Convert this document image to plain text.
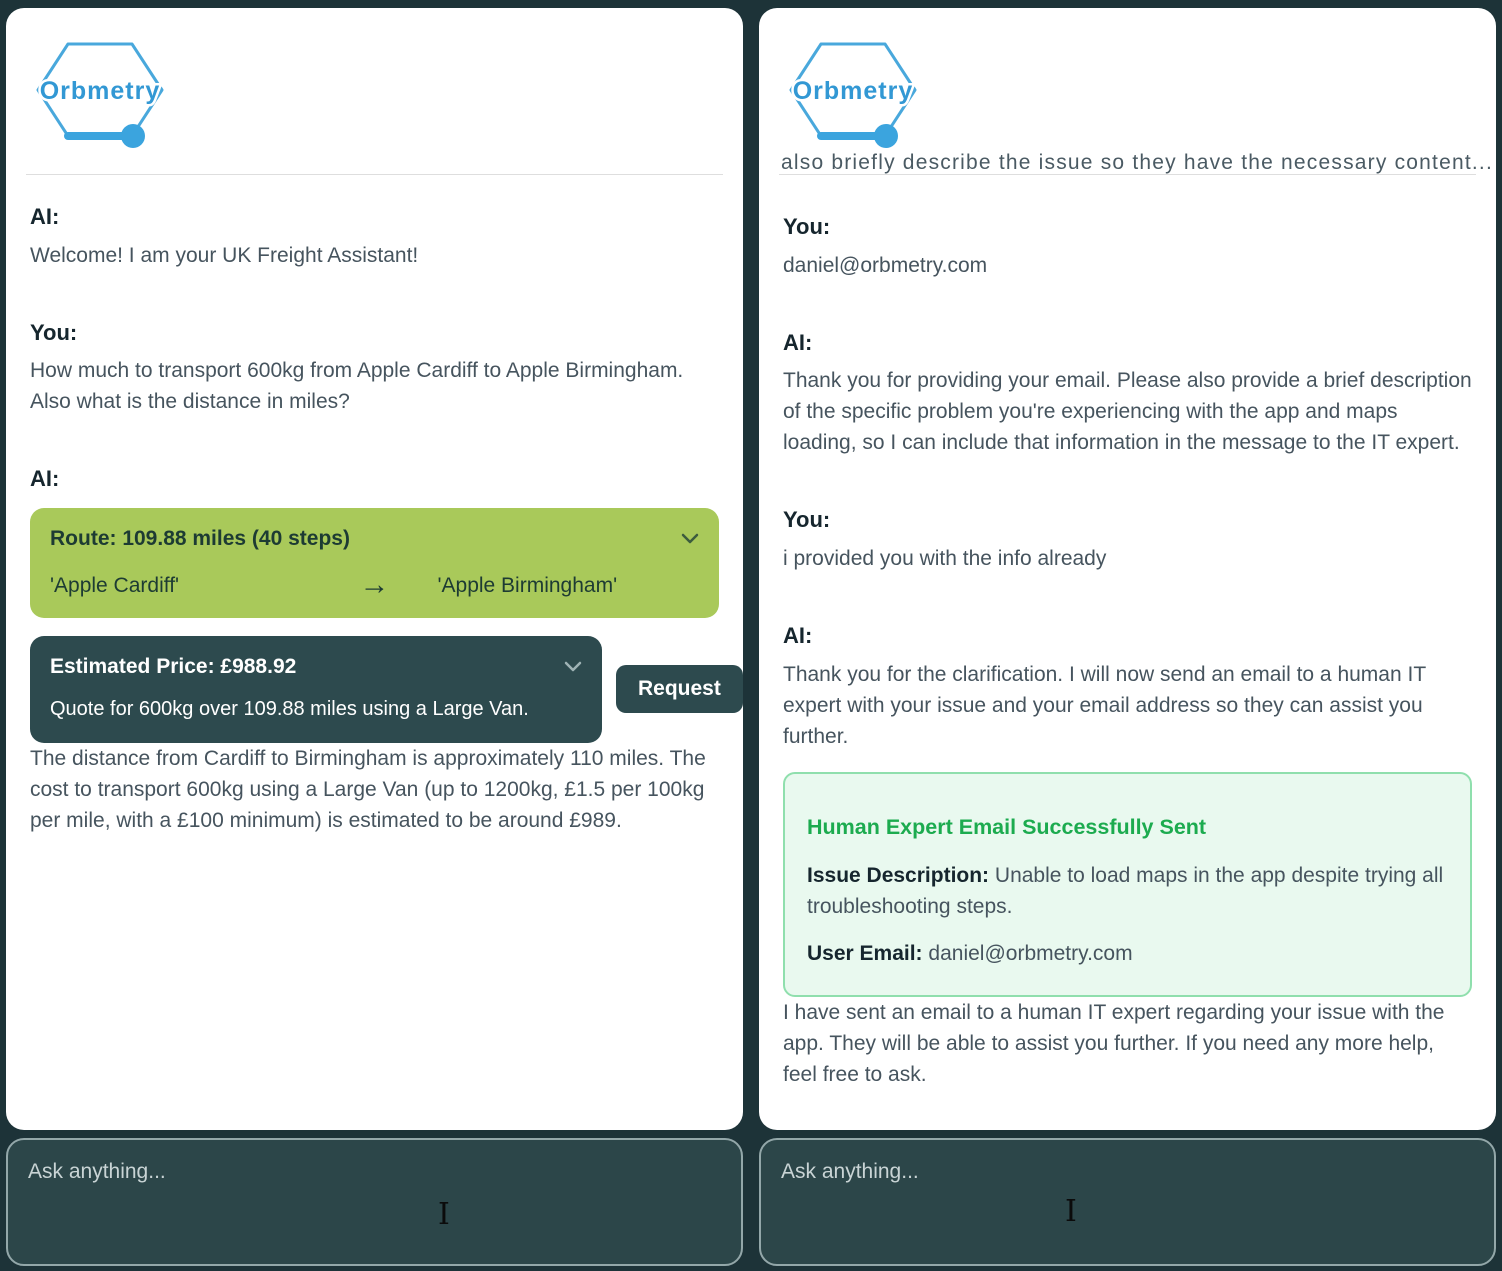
Orbmetry
AI:

Welcome! I am your UK Freight Assistant!

You:

How much to transport 600kg from Apple Cardiff to Apple Birmingham. Also what is the distance in miles?

AI:
Route: 109.88 miles (40 steps)
'Apple Cardiff'	→	'Apple Birmingham'
Estimated Price: £988.92
Quote for 600kg over 109.88 miles using a Large Van.
Request

The distance from Cardiff to Birmingham is approximately 110 miles. The cost to transport 600kg using a Large Van (up to 1200kg, £1.5 per 100kg per mile, with a £100 minimum) is estimated to be around £989.

Ask anything...
I
Orbmetry
also briefly describe the issue so they have the necessary content...
You:

daniel@orbmetry.com

AI:

Thank you for providing your email. Please also provide a brief description of the specific problem you're experiencing with the app and maps loading, so I can include that information in the message to the IT expert.

You:

i provided you with the info already

AI:

Thank you for the clarification. I will now send an email to a human IT expert with your issue and your email address so they can assist you further.

Human Expert Email Successfully Sent

Issue Description: Unable to load maps in the app despite trying all troubleshooting steps.

User Email: daniel@orbmetry.com

I have sent an email to a human IT expert regarding your issue with the app. They will be able to assist you further. If you need any more help, feel free to ask.

Ask anything...
I
